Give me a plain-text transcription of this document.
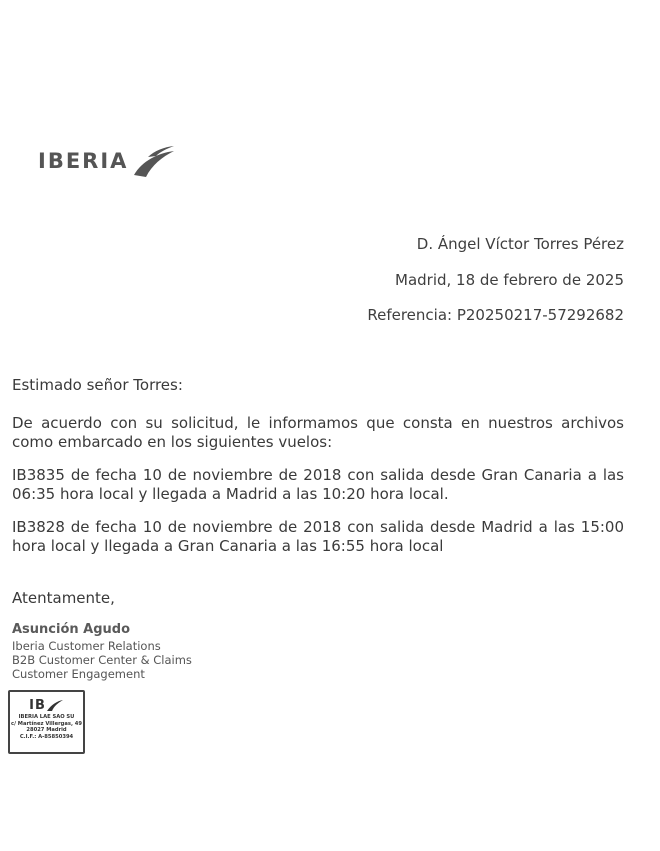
IBERIA
D. Ángel Víctor Torres Pérez
Madrid, 18 de febrero de 2025
Referencia: P20250217-57292682
Estimado señor Torres:
De acuerdo con su solicitud, le informamos que consta en nuestros archivos como embarcado en los siguientes vuelos:
IB3835 de fecha 10 de noviembre de 2018 con salida desde Gran Canaria a las 06:35 hora local y llegada a Madrid a las 10:20 hora local.
IB3828 de fecha 10 de noviembre de 2018 con salida desde Madrid a las 15:00 hora local y llegada a Gran Canaria a las 16:55 hora local
Atentamente,
Asunción Agudo
Iberia Customer Relations
B2B Customer Center & Claims
Customer Engagement
IB
IBERIA LAE SAO SU
c/ Martínez Villergas, 49
28027 Madrid
C.I.F.: A-85850394
